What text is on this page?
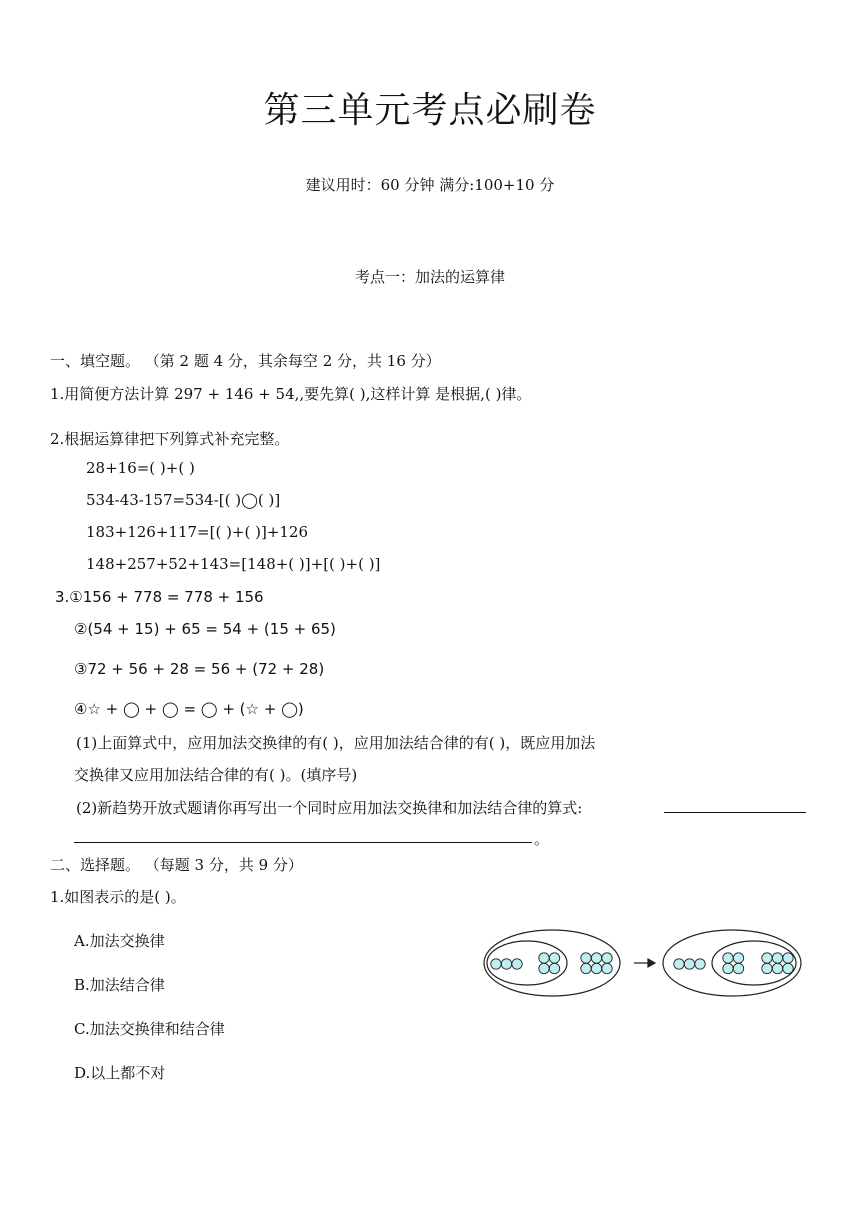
第三单元考点必刷卷
建议用时：60 分钟 满分:100+10 分
考点一：加法的运算律
一、填空题。 （第 2 题 4 分，其余每空 2 分，共 16 分）
1.用简便方法计算 297 + 146 + 54,,要先算( ),这样计算 是根据,( )律。
2.根据运算律把下列算式补充完整。
28+16=( )+( )
534-43-157=534-[( )◯( )]
183+126+117=[( )+( )]+126
148+257+52+143=[148+( )]+[( )+( )]
3.①156 + 778 = 778 + 156
②(54 + 15) + 65 = 54 + (15 + 65)
③72 + 56 + 28 = 56 + (72 + 28)
④☆ + ◯ + ◯ = ◯ + (☆ + ◯)
(1)上面算式中，应用加法交换律的有( )，应用加法结合律的有( )，既应用加法
交换律又应用加法结合律的有( )。(填序号)
(2)新趋势开放式题请你再写出一个同时应用加法交换律和加法结合律的算式:
。
二、选择题。 （每题 3 分，共 9 分）
1.如图表示的是( )。
A.加法交换律
B.加法结合律
C.加法交换律和结合律
D.以上都不对
